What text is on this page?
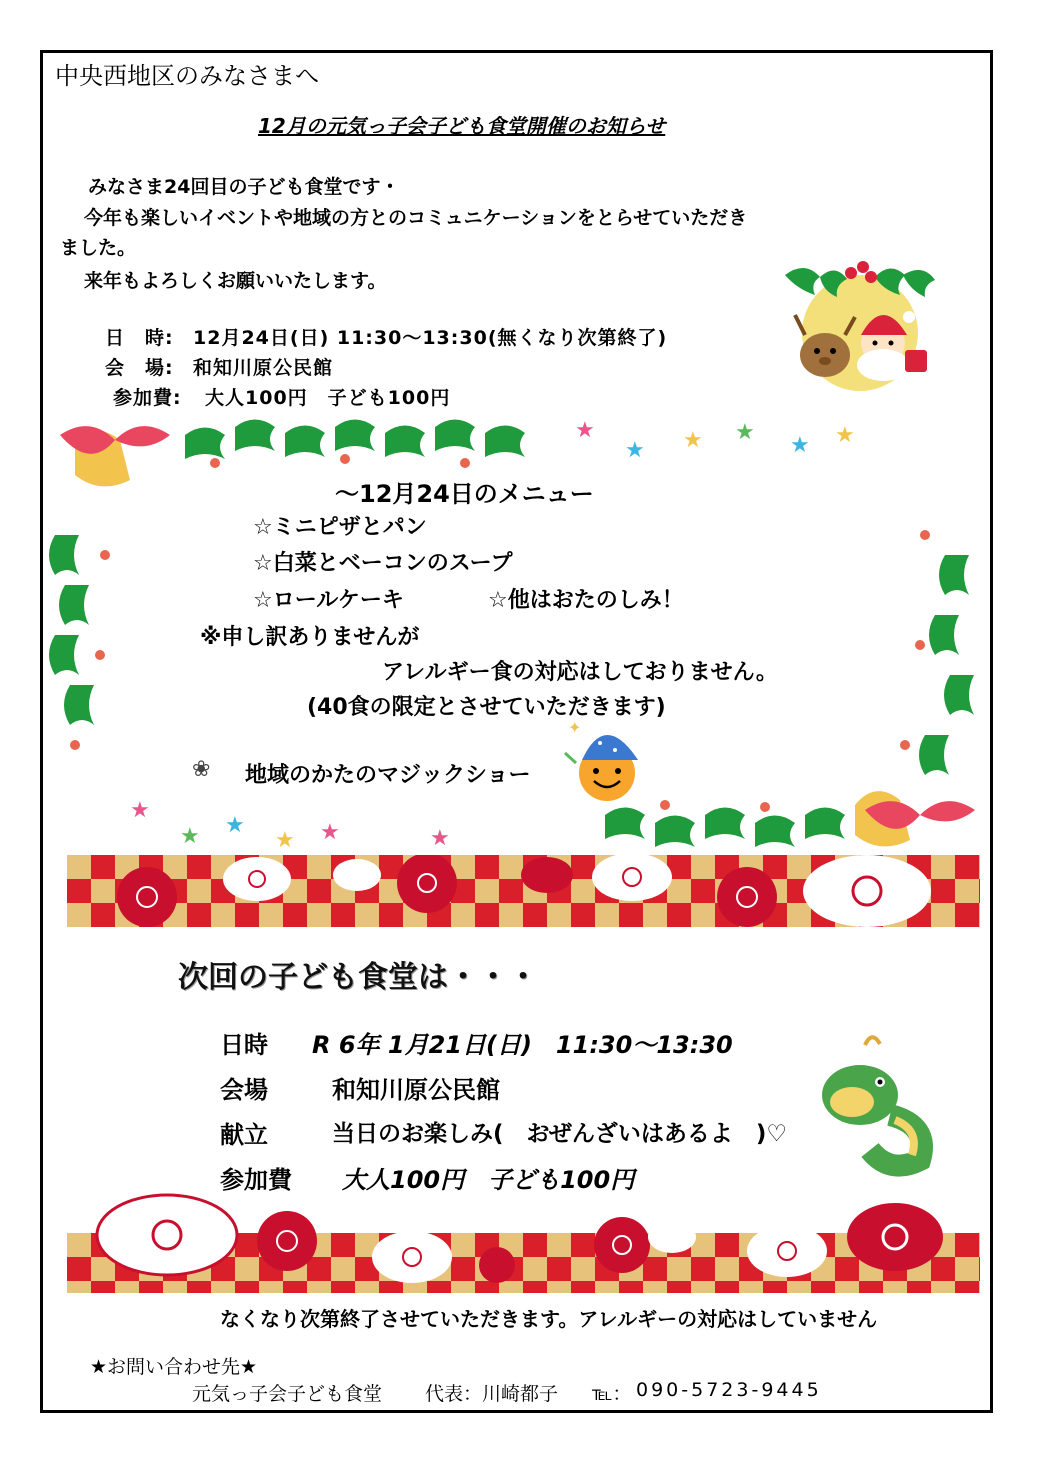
中央西地区のみなさまへ
12月の元気っ子会子ども食堂開催のお知らせ
みなさま24回目の子ども食堂です・
今年も楽しいイベントや地域の方とのコミュニケーションをとらせていただき
ました。
来年もよろしくお願いいたします。
日　時: 12月24日(日) 11:30～13:30(無くなり次第終了)
会　場: 和知川原公民館
参加費: 大人100円　子ども100円
★
★ ★ ★
★ ★
★
★ ★
★ ★	★
～12月24日のメニュー
☆ミニピザとパン
☆白菜とベーコンのスープ
☆ロールケーキ	☆他はおたのしみ！
※申し訳ありませんが
アレルギー食の対応はしておりません。
(40食の限定とさせていただきます)
❀ 地域のかたのマジックショー
✦
次回の子ども食堂は・・・
日時 R 6年 1月21日(日)　11:30～13:30
会場	和知川原公民館
献立	当日のお楽しみ(　おぜんざいはあるよ　)♡
参加費 大人100円　子ども100円
なくなり次第終了させていただきます。アレルギーの対応はしていません
★お問い合わせ先★
元気っ子会子ども食堂 代表：川崎都子 ℡： 090-5723-9445
